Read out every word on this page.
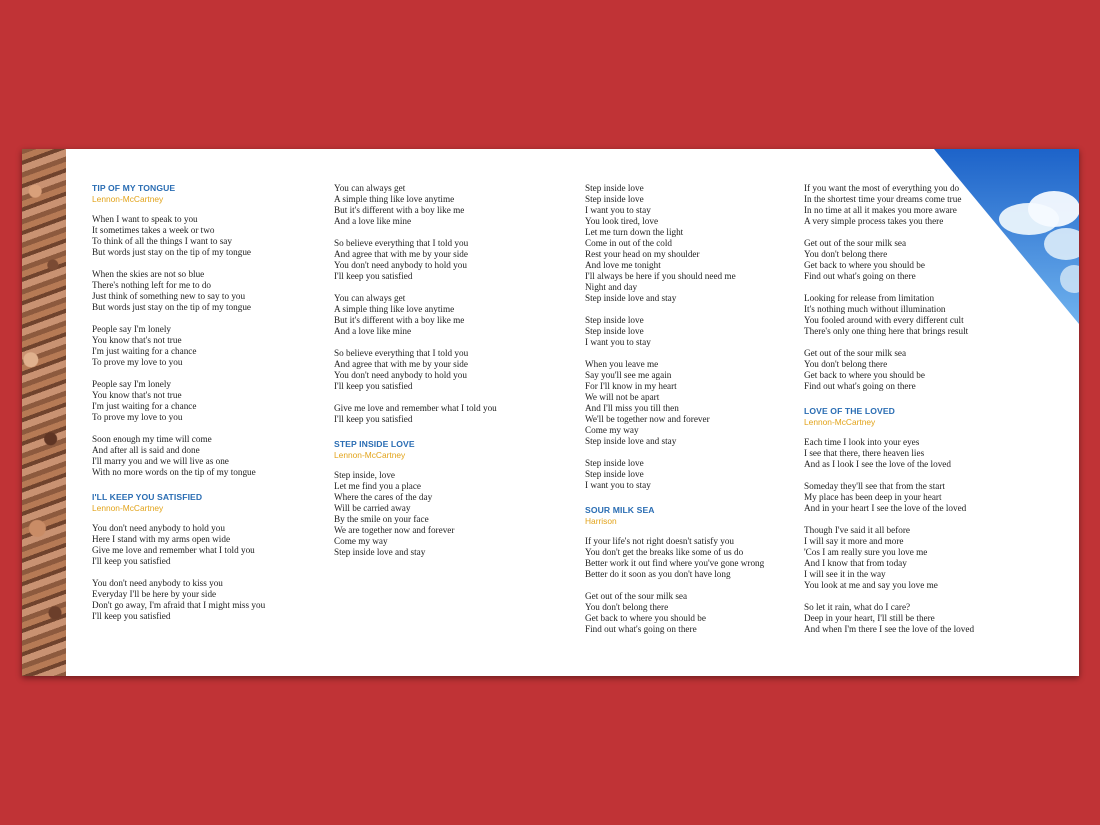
TIP OF MY TONGUE
Lennon-McCartney

When I want to speak to you
It sometimes takes a week or two
To think of all the things I want to say
But words just stay on the tip of my tongue

When the skies are not so blue
There's nothing left for me to do
Just think of something new to say to you
But words just stay on the tip of my tongue

People say I'm lonely
You know that's not true
I'm just waiting for a chance
To prove my love to you

People say I'm lonely
You know that's not true
I'm just waiting for a chance
To prove my love to you

Soon enough my time will come
And after all is said and done
I'll marry you and we will live as one
With no more words on the tip of my tongue

I'LL KEEP YOU SATISFIED
Lennon-McCartney

You don't need anybody to hold you
Here I stand with my arms open wide
Give me love and remember what I told you
I'll keep you satisfied

You don't need anybody to kiss you
Everyday I'll be here by your side
Don't go away, I'm afraid that I might miss you
I'll keep you satisfied

You can always get
A simple thing like love anytime
But it's different with a boy like me
And a love like mine

So believe everything that I told you
And agree that with me by your side
You don't need anybody to hold you
I'll keep you satisfied

You can always get
A simple thing like love anytime
But it's different with a boy like me
And a love like mine

So believe everything that I told you
And agree that with me by your side
You don't need anybody to hold you
I'll keep you satisfied

Give me love and remember what I told you
I'll keep you satisfied

STEP INSIDE LOVE
Lennon-McCartney

Step inside, love
Let me find you a place
Where the cares of the day
Will be carried away
By the smile on your face
We are together now and forever
Come my way
Step inside love and stay

Step inside love
Step inside love
I want you to stay
You look tired, love
Let me turn down the light
Come in out of the cold
Rest your head on my shoulder
And love me tonight
I'll always be here if you should need me
Night and day
Step inside love and stay

Step inside love
Step inside love
I want you to stay

When you leave me
Say you'll see me again
For I'll know in my heart
We will not be apart
And I'll miss you till then
We'll be together now and forever
Come my way
Step inside love and stay

Step inside love
Step inside love
I want you to stay

SOUR MILK SEA
Harrison

If your life's not right doesn't satisfy you
You don't get the breaks like some of us do
Better work it out find where you've gone wrong
Better do it soon as you don't have long

Get out of the sour milk sea
You don't belong there
Get back to where you should be
Find out what's going on there

If you want the most of everything you do
In the shortest time your dreams come true
In no time at all it makes you more aware
A very simple process takes you there

Get out of the sour milk sea
You don't belong there
Get back to where you should be
Find out what's going on there

Looking for release from limitation
It's nothing much without illumination
You fooled around with every different cult
There's only one thing here that brings result

Get out of the sour milk sea
You don't belong there
Get back to where you should be
Find out what's going on there

LOVE OF THE LOVED
Lennon-McCartney

Each time I look into your eyes
I see that there, there heaven lies
And as I look I see the love of the loved

Someday they'll see that from the start
My place has been deep in your heart
And in your heart I see the love of the loved

Though I've said it all before
I will say it more and more
'Cos I am really sure you love me
And I know that from today
I will see it in the way
You look at me and say you love me

So let it rain, what do I care?
Deep in your heart, I'll still be there
And when I'm there I see the love of the loved
